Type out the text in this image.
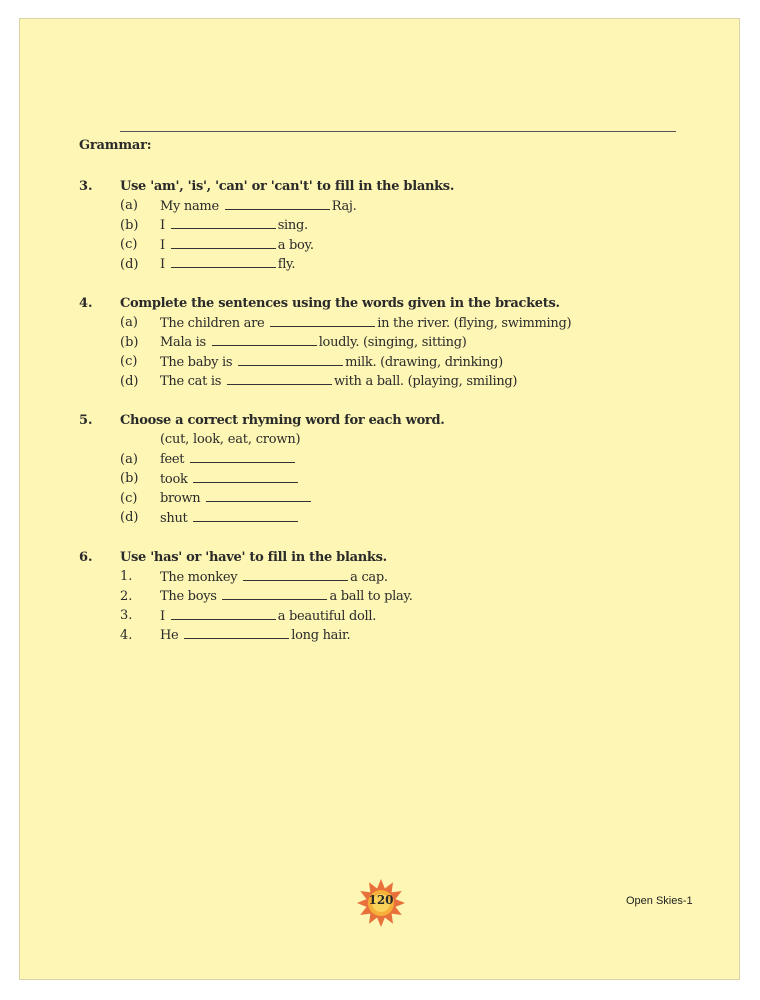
Grammar:
3.	Use 'am', 'is', 'can' or 'can't' to fill in the blanks.
(a)	My name	Raj.
(b)	I	sing.
(c)	I	a boy.
(d)	I	fly.
4.	Complete the sentences using the words given in the brackets.
(a)	The children are	in the river. (flying, swimming)
(b)	Mala is	loudly. (singing, sitting)
(c)	The baby is	milk. (drawing, drinking)
(d)	The cat is	with a ball. (playing, smiling)
5.	Choose a correct rhyming word for each word.
(cut, look, eat, crown)
(a)	feet
(b)	took
(c)	brown
(d)	shut
6.	Use 'has' or 'have' to fill in the blanks.
1.	The monkey	a cap.
2.	The boys	a ball to play.
3.	I	a beautiful doll.
4.	He	long hair.
120	Open Skies-1
